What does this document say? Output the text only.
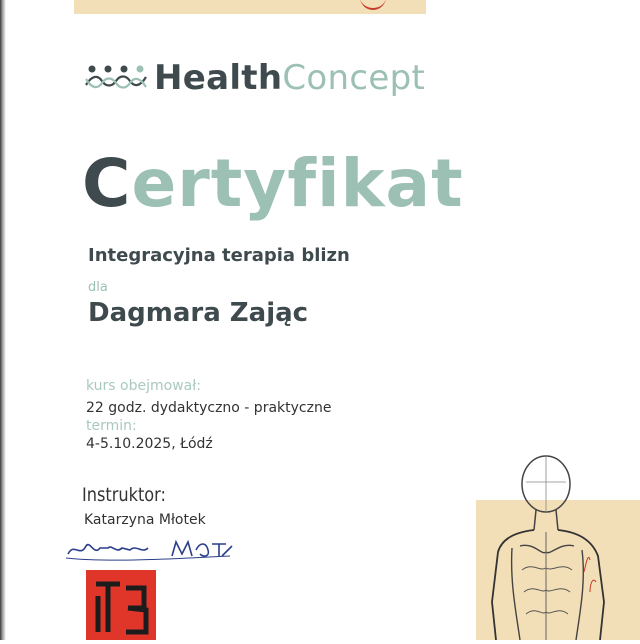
HealthConcept
Certyfikat
Integracyjna terapia blizn
dla
Dagmara Zając
kurs obejmował:
22 godz. dydaktyczno - praktyczne
termin:
4-5.10.2025, Łódź
Instruktor:
Katarzyna Młotek
